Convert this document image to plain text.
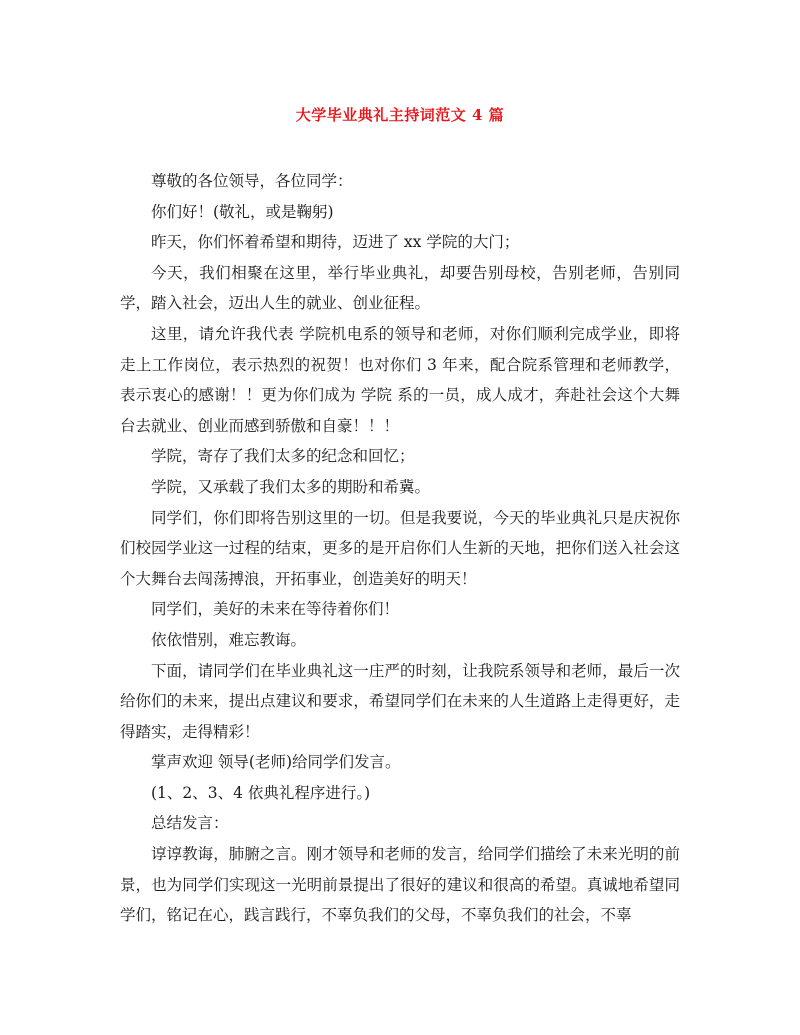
大学毕业典礼主持词范文 4 篇

尊敬的各位领导，各位同学：

你们好！(敬礼，或是鞠躬)

昨天，你们怀着希望和期待，迈进了 xx 学院的大门；

今天，我们相聚在这里，举行毕业典礼，却要告别母校，告别老师，告别同学，踏入社会，迈出人生的就业、创业征程。

这里，请允许我代表 学院机电系的领导和老师，对你们顺利完成学业，即将走上工作岗位，表示热烈的祝贺！也对你们 3 年来，配合院系管理和老师教学，表示衷心的感谢！！更为你们成为 学院 系的一员，成人成才，奔赴社会这个大舞台去就业、创业而感到骄傲和自豪！！！

学院，寄存了我们太多的纪念和回忆；

学院，又承载了我们太多的期盼和希冀。

同学们，你们即将告别这里的一切。但是我要说，今天的毕业典礼只是庆祝你们校园学业这一过程的结束，更多的是开启你们人生新的天地，把你们送入社会这个大舞台去闯荡搏浪，开拓事业，创造美好的明天！

同学们，美好的未来在等待着你们！

依依惜别，难忘教诲。

下面，请同学们在毕业典礼这一庄严的时刻，让我院系领导和老师，最后一次给你们的未来，提出点建议和要求，希望同学们在未来的人生道路上走得更好，走得踏实，走得精彩！

掌声欢迎 领导(老师)给同学们发言。

(1、2、3、4 依典礼程序进行。)

总结发言：

谆谆教诲，肺腑之言。刚才领导和老师的发言，给同学们描绘了未来光明的前景，也为同学们实现这一光明前景提出了很好的建议和很高的希望。真诚地希望同学们，铭记在心，践言践行，不辜负我们的父母，不辜负我们的社会，不辜
